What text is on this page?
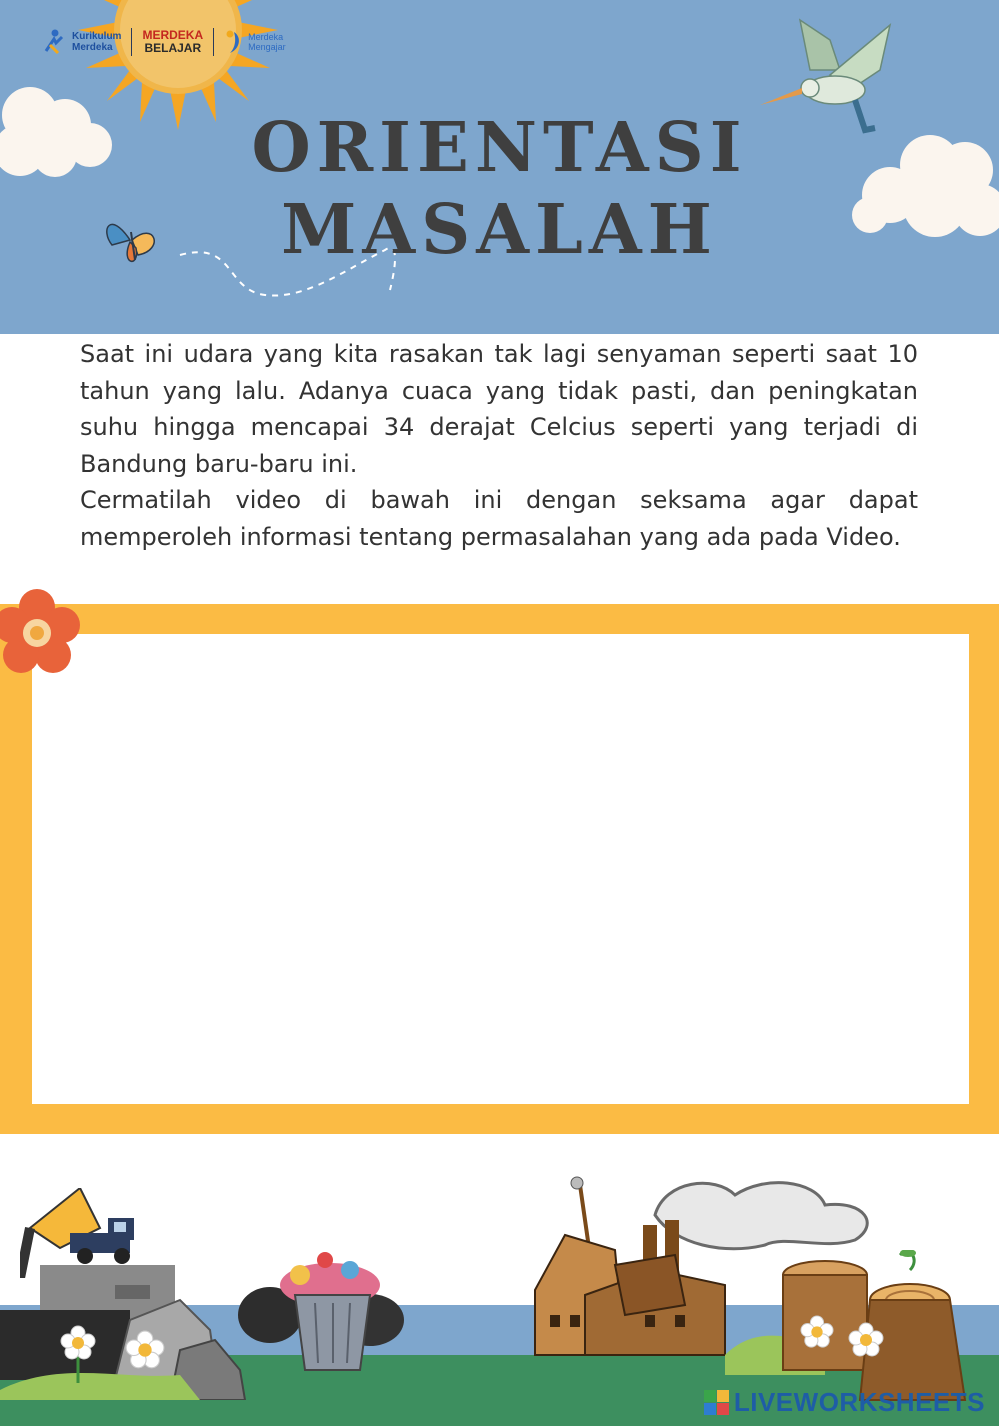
Kurikulum
Merdeka
MERDEKA
BELAJAR
Merdeka
Mengajar
ORIENTASI
MASALAH

Saat ini udara yang kita rasakan tak lagi senyaman seperti saat 10 tahun yang lalu. Adanya cuaca yang tidak pasti, dan peningkatan suhu hingga mencapai 34 derajat Celcius seperti yang terjadi di Bandung baru-baru ini.

Cermatilah video di bawah ini dengan seksama agar dapat memperoleh informasi tentang permasalahan yang ada pada Video.

LIVEWORKSHEETS
